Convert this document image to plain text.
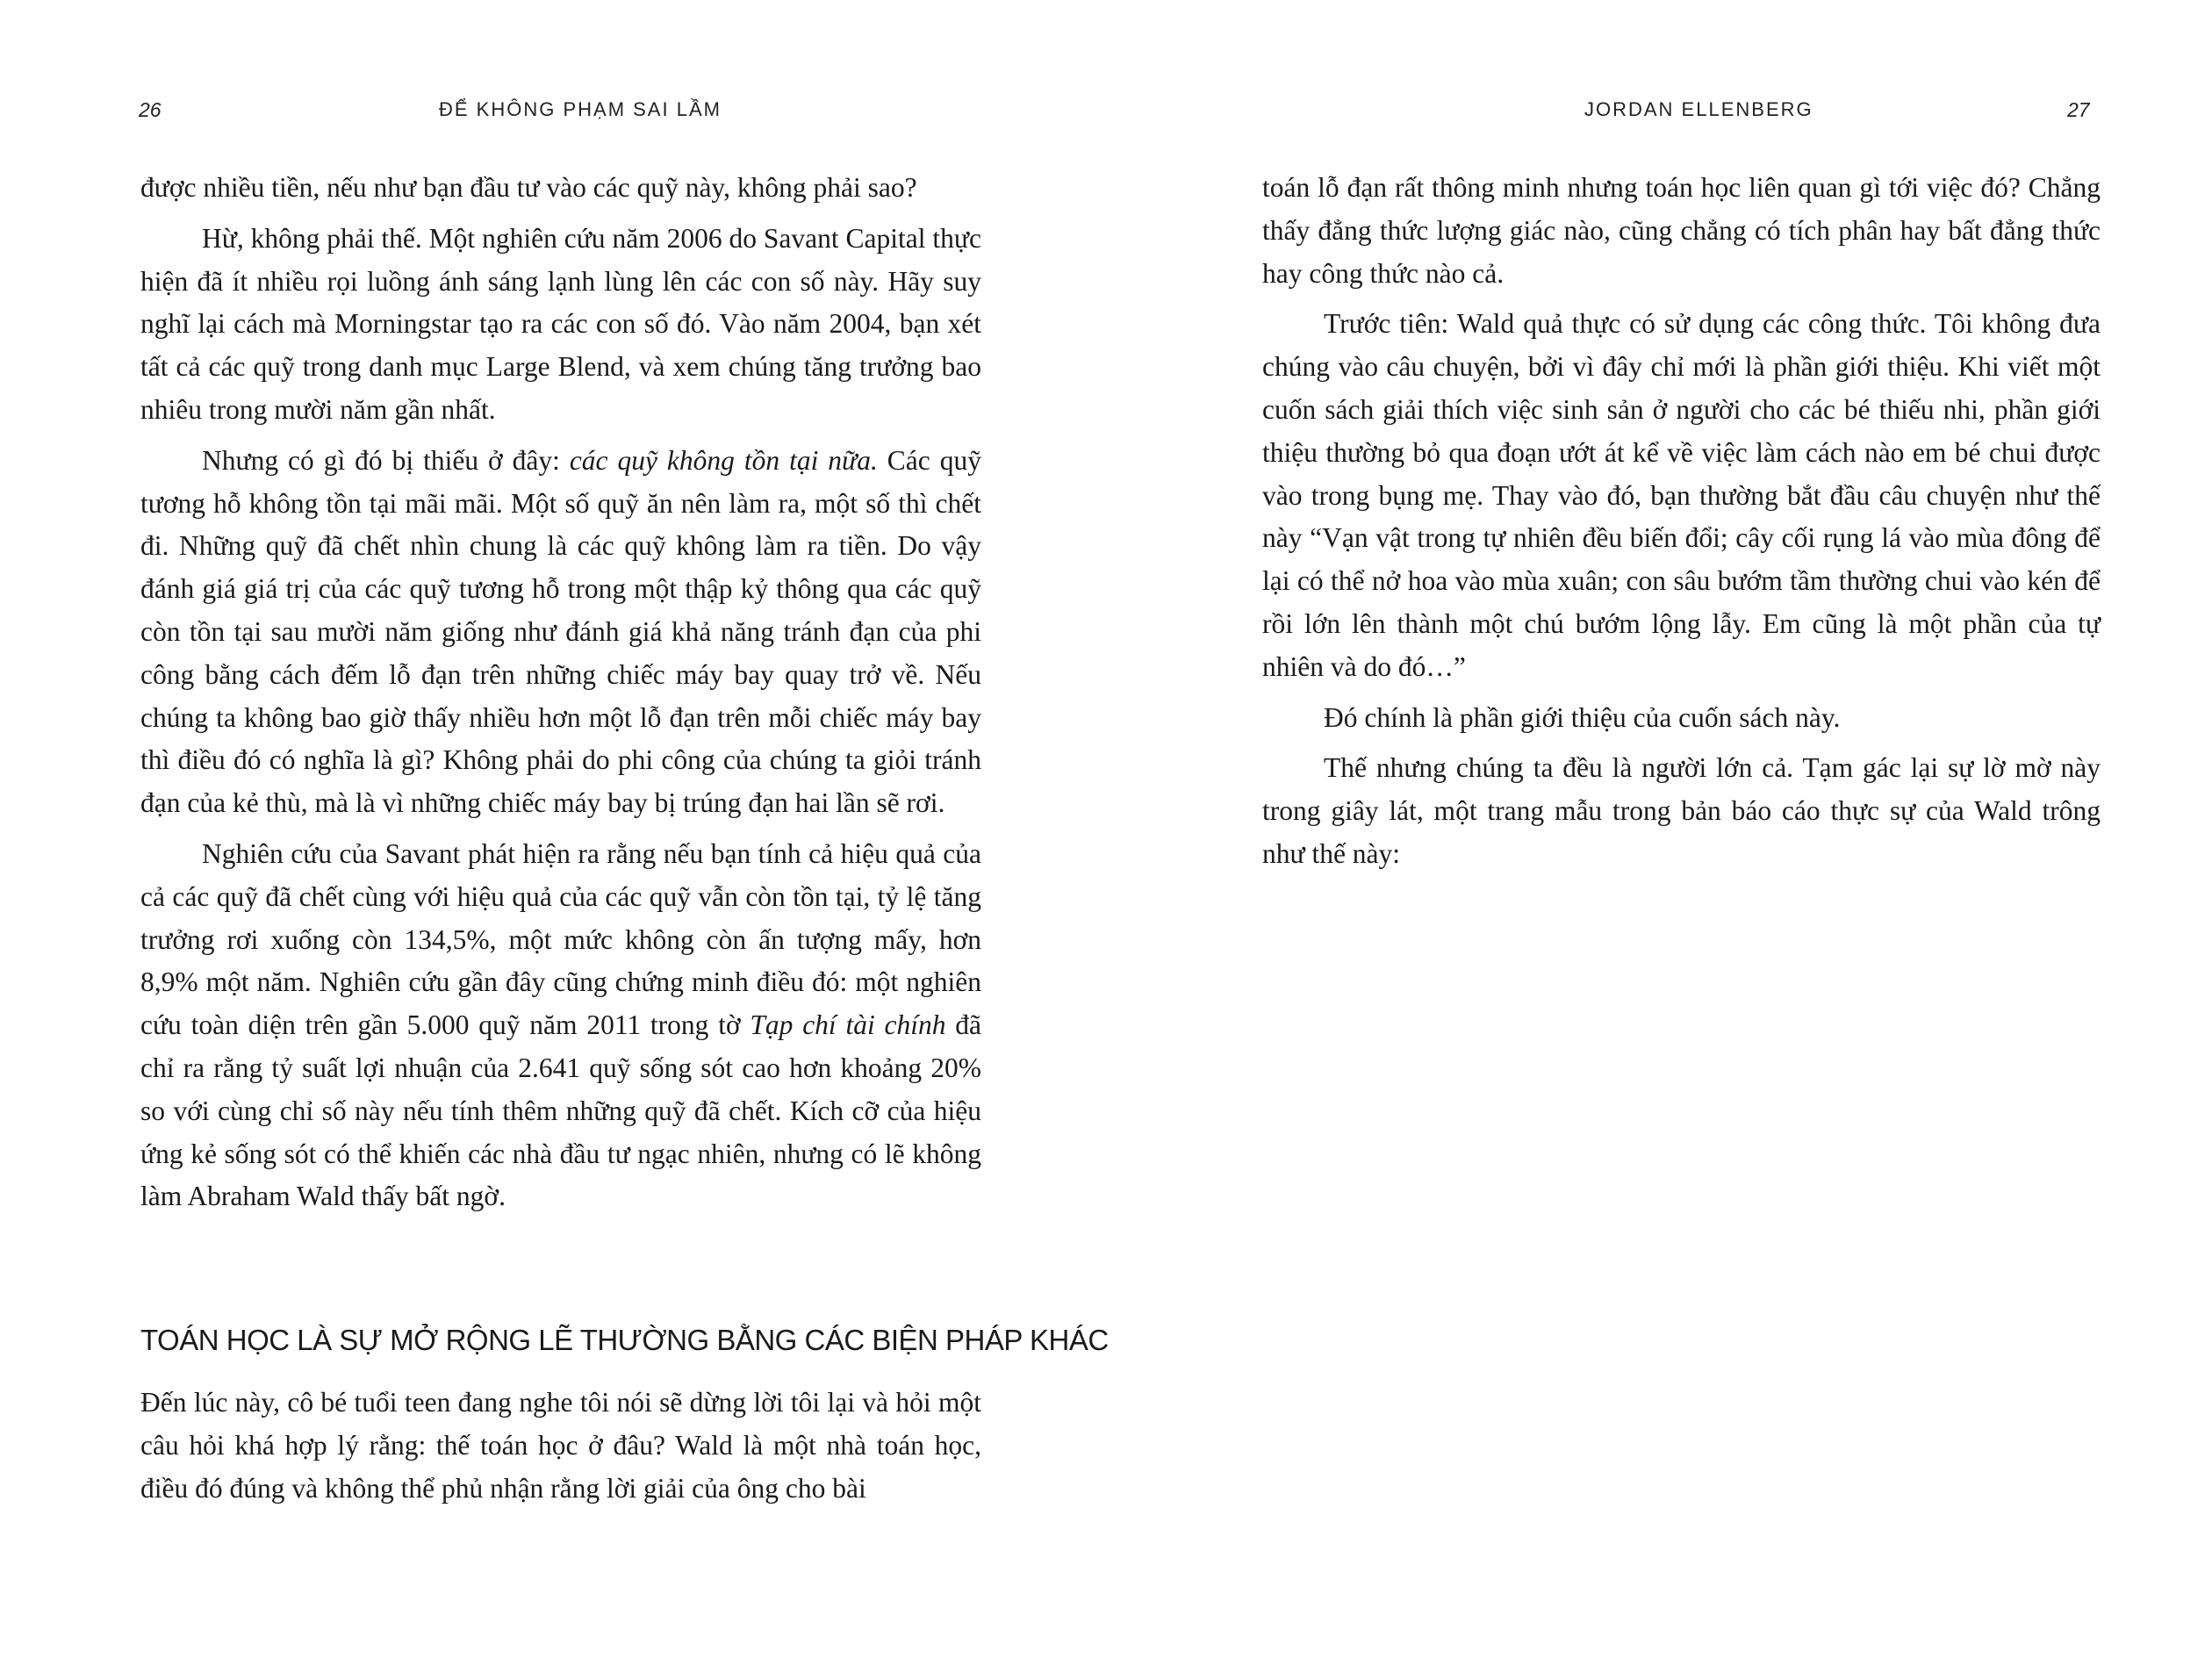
26	ĐỂ KHÔNG PHẠM SAI LẦM

được nhiều tiền, nếu như bạn đầu tư vào các quỹ này, không phải sao?

Hừ, không phải thế. Một nghiên cứu năm 2006 do Savant Capital thực hiện đã ít nhiều rọi luồng ánh sáng lạnh lùng lên các con số này. Hãy suy nghĩ lại cách mà Morningstar tạo ra các con số đó. Vào năm 2004, bạn xét tất cả các quỹ trong danh mục Large Blend, và xem chúng tăng trưởng bao nhiêu trong mười năm gần nhất.

Nhưng có gì đó bị thiếu ở đây: các quỹ không tồn tại nữa. Các quỹ tương hỗ không tồn tại mãi mãi. Một số quỹ ăn nên làm ra, một số thì chết đi. Những quỹ đã chết nhìn chung là các quỹ không làm ra tiền. Do vậy đánh giá giá trị của các quỹ tương hỗ trong một thập kỷ thông qua các quỹ còn tồn tại sau mười năm giống như đánh giá khả năng tránh đạn của phi công bằng cách đếm lỗ đạn trên những chiếc máy bay quay trở về. Nếu chúng ta không bao giờ thấy nhiều hơn một lỗ đạn trên mỗi chiếc máy bay thì điều đó có nghĩa là gì? Không phải do phi công của chúng ta giỏi tránh đạn của kẻ thù, mà là vì những chiếc máy bay bị trúng đạn hai lần sẽ rơi.

Nghiên cứu của Savant phát hiện ra rằng nếu bạn tính cả hiệu quả của cả các quỹ đã chết cùng với hiệu quả của các quỹ vẫn còn tồn tại, tỷ lệ tăng trưởng rơi xuống còn 134,5%, một mức không còn ấn tượng mấy, hơn 8,9% một năm. Nghiên cứu gần đây cũng chứng minh điều đó: một nghiên cứu toàn diện trên gần 5.000 quỹ năm 2011 trong tờ Tạp chí tài chính đã chỉ ra rằng tỷ suất lợi nhuận của 2.641 quỹ sống sót cao hơn khoảng 20% so với cùng chỉ số này nếu tính thêm những quỹ đã chết. Kích cỡ của hiệu ứng kẻ sống sót có thể khiến các nhà đầu tư ngạc nhiên, nhưng có lẽ không làm Abraham Wald thấy bất ngờ.

TOÁN HỌC LÀ SỰ MỞ RỘNG LẼ THƯỜNG BẰNG CÁC BIỆN PHÁP KHÁC

Đến lúc này, cô bé tuổi teen đang nghe tôi nói sẽ dừng lời tôi lại và hỏi một câu hỏi khá hợp lý rằng: thế toán học ở đâu? Wald là một nhà toán học, điều đó đúng và không thể phủ nhận rằng lời giải của ông cho bài

JORDAN ELLENBERG	27

toán lỗ đạn rất thông minh nhưng toán học liên quan gì tới việc đó? Chẳng thấy đẳng thức lượng giác nào, cũng chẳng có tích phân hay bất đẳng thức hay công thức nào cả.

Trước tiên: Wald quả thực có sử dụng các công thức. Tôi không đưa chúng vào câu chuyện, bởi vì đây chỉ mới là phần giới thiệu. Khi viết một cuốn sách giải thích việc sinh sản ở người cho các bé thiếu nhi, phần giới thiệu thường bỏ qua đoạn ướt át kể về việc làm cách nào em bé chui được vào trong bụng mẹ. Thay vào đó, bạn thường bắt đầu câu chuyện như thế này “Vạn vật trong tự nhiên đều biến đổi; cây cối rụng lá vào mùa đông để lại có thể nở hoa vào mùa xuân; con sâu bướm tầm thường chui vào kén để rồi lớn lên thành một chú bướm lộng lẫy. Em cũng là một phần của tự nhiên và do đó…”

Đó chính là phần giới thiệu của cuốn sách này.

Thế nhưng chúng ta đều là người lớn cả. Tạm gác lại sự lờ mờ này trong giây lát, một trang mẫu trong bản báo cáo thực sự của Wald trông như thế này:
